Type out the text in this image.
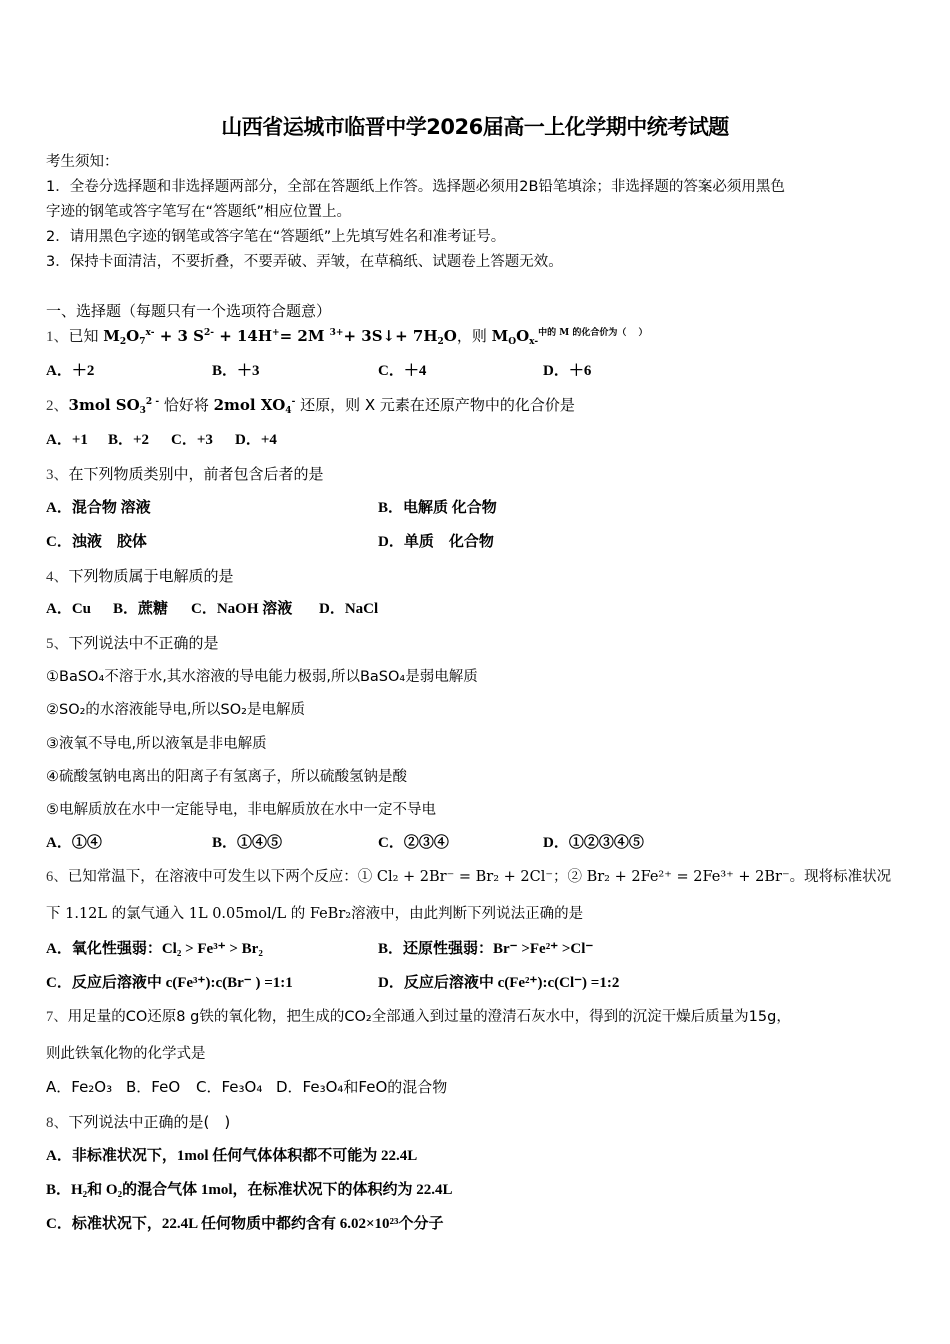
山西省运城市临晋中学2026届高一上化学期中统考试题
考生须知：
1．全卷分选择题和非选择题两部分，全部在答题纸上作答。选择题必须用2B铅笔填涂；非选择题的答案必须用黑色
字迹的钢笔或答字笔写在“答题纸”相应位置上。
2．请用黑色字迹的钢笔或答字笔在“答题纸”上先填写姓名和准考证号。
3．保持卡面清洁，不要折叠，不要弄破、弄皱，在草稿纸、试题卷上答题无效。
一、选择题（每题只有一个选项符合题意）
1、已知 $M_2O_7^{x-} + 3$ $S^{2-} + 14H^+= 2M$ $^{3+}$+ 3S↓+ $7H_2O$，则 $M_OO_{x-}^{中的 M 的化合价为( )}$
A．＋2	B．＋3	C．＋4	D．＋6
2、3mol $SO_3^{2 -}$ 恰好将 2mol $XO_4^-$ 还原，则 X 元素在还原产物中的化合价是
A．+1 B．+2 C．+3 D．+4
3、在下列物质类别中，前者包含后者的是
A．混合物 溶液	B．电解质 化合物
C．浊液　胶体	D．单质　化合物
4、下列物质属于电解质的是
A．Cu B．蔗糖 C．NaOH 溶液 D．NaCl
5、下列说法中不正确的是
①BaSO₄不溶于水,其水溶液的导电能力极弱,所以BaSO₄是弱电解质
②SO₂的水溶液能导电,所以SO₂是电解质
③液氧不导电,所以液氧是非电解质
④硫酸氢钠电离出的阳离子有氢离子，所以硫酸氢钠是酸
⑤电解质放在水中一定能导电，非电解质放在水中一定不导电
A．①④	B．①④⑤	C．②③④	D．①②③④⑤
6、已知常温下，在溶液中可发生以下两个反应：① Cl₂ + 2Br⁻ = Br₂ + 2Cl⁻；② Br₂ + 2Fe²⁺ = 2Fe³⁺ + 2Br⁻。现将标准状况
下 1.12L 的氯气通入 1L 0.05mol/L 的 FeBr₂溶液中，由此判断下列说法正确的是
A．氧化性强弱：Cl₂ > Fe³⁺ > Br₂	B．还原性强弱：Br⁻ >Fe²⁺ >Cl⁻
C．反应后溶液中 c(Fe³⁺):c(Br⁻ ) =1:1	D．反应后溶液中 c(Fe²⁺):c(Cl⁻) =1:2
7、用足量的CO还原8 g铁的氧化物，把生成的CO₂全部通入到过量的澄清石灰水中，得到的沉淀干燥后质量为15g，
则此铁氧化物的化学式是
A．Fe₂O₃ B．FeO C．Fe₃O₄ D．Fe₃O₄和FeO的混合物
8、下列说法中正确的是(　)
A．非标准状况下，1mol 任何气体体积都不可能为 22.4L
B．H₂和 O₂的混合气体 1mol，在标准状况下的体积约为 22.4L
C．标准状况下，22.4L 任何物质中都约含有 6.02×10²³个分子
